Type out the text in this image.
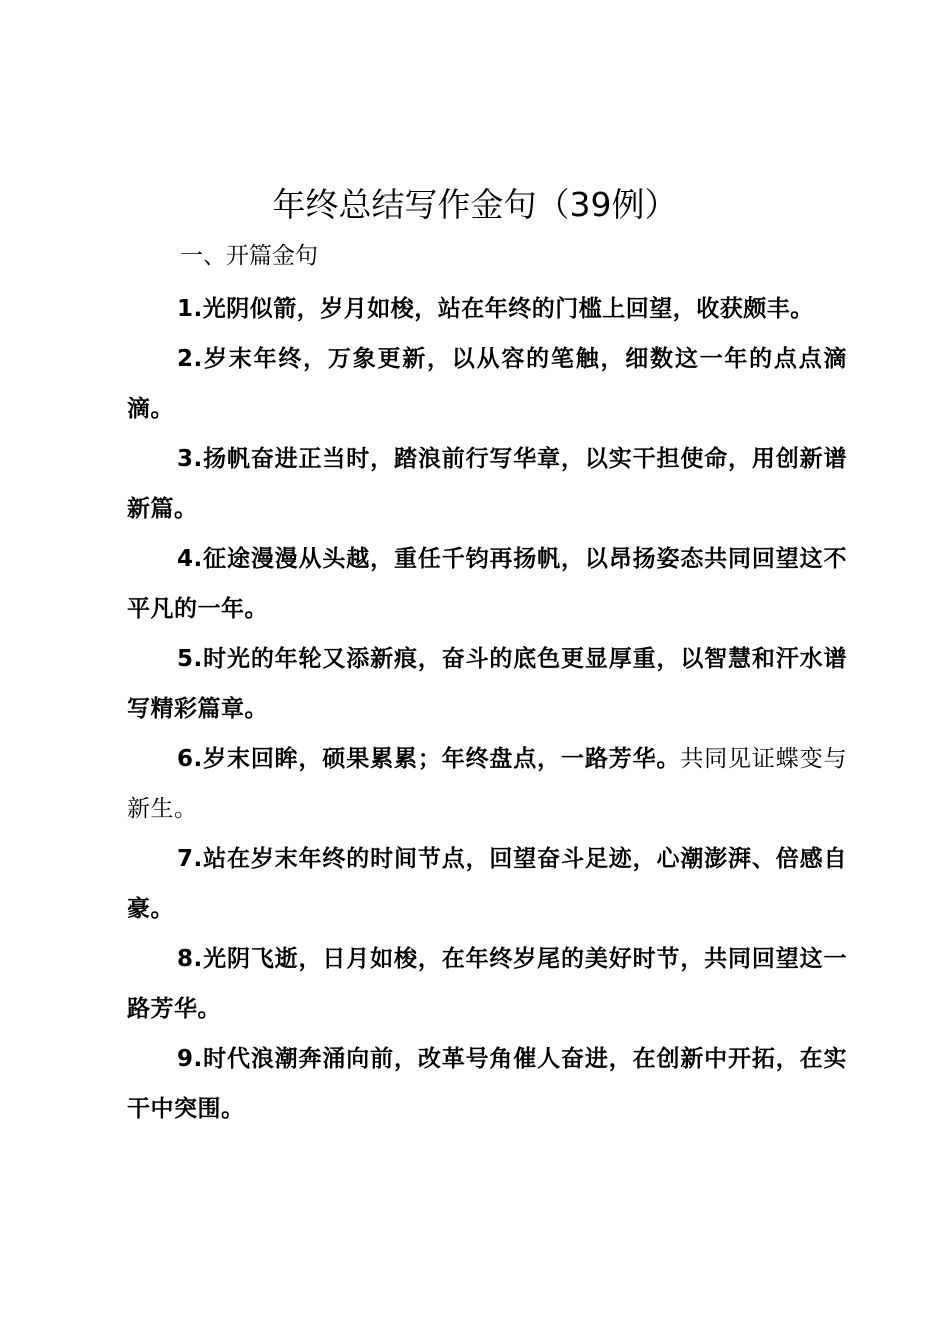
年终总结写作金句（39例）

一、开篇金句

1.光阴似箭，岁月如梭，站在年终的门槛上回望，收获颇丰。
2.岁末年终，万象更新，以从容的笔触，细数这一年的点点滴滴。
3.扬帆奋进正当时，踏浪前行写华章，以实干担使命，用创新谱新篇。
4.征途漫漫从头越，重任千钧再扬帆，以昂扬姿态共同回望这不平凡的一年。
5.时光的年轮又添新痕，奋斗的底色更显厚重，以智慧和汗水谱写精彩篇章。
6.岁末回眸，硕果累累；年终盘点，一路芳华。共同见证蝶变与新生。
7.站在岁末年终的时间节点，回望奋斗足迹，心潮澎湃、倍感自豪。
8.光阴飞逝，日月如梭，在年终岁尾的美好时节，共同回望这一路芳华。
9.时代浪潮奔涌向前，改革号角催人奋进，在创新中开拓，在实干中突围。
